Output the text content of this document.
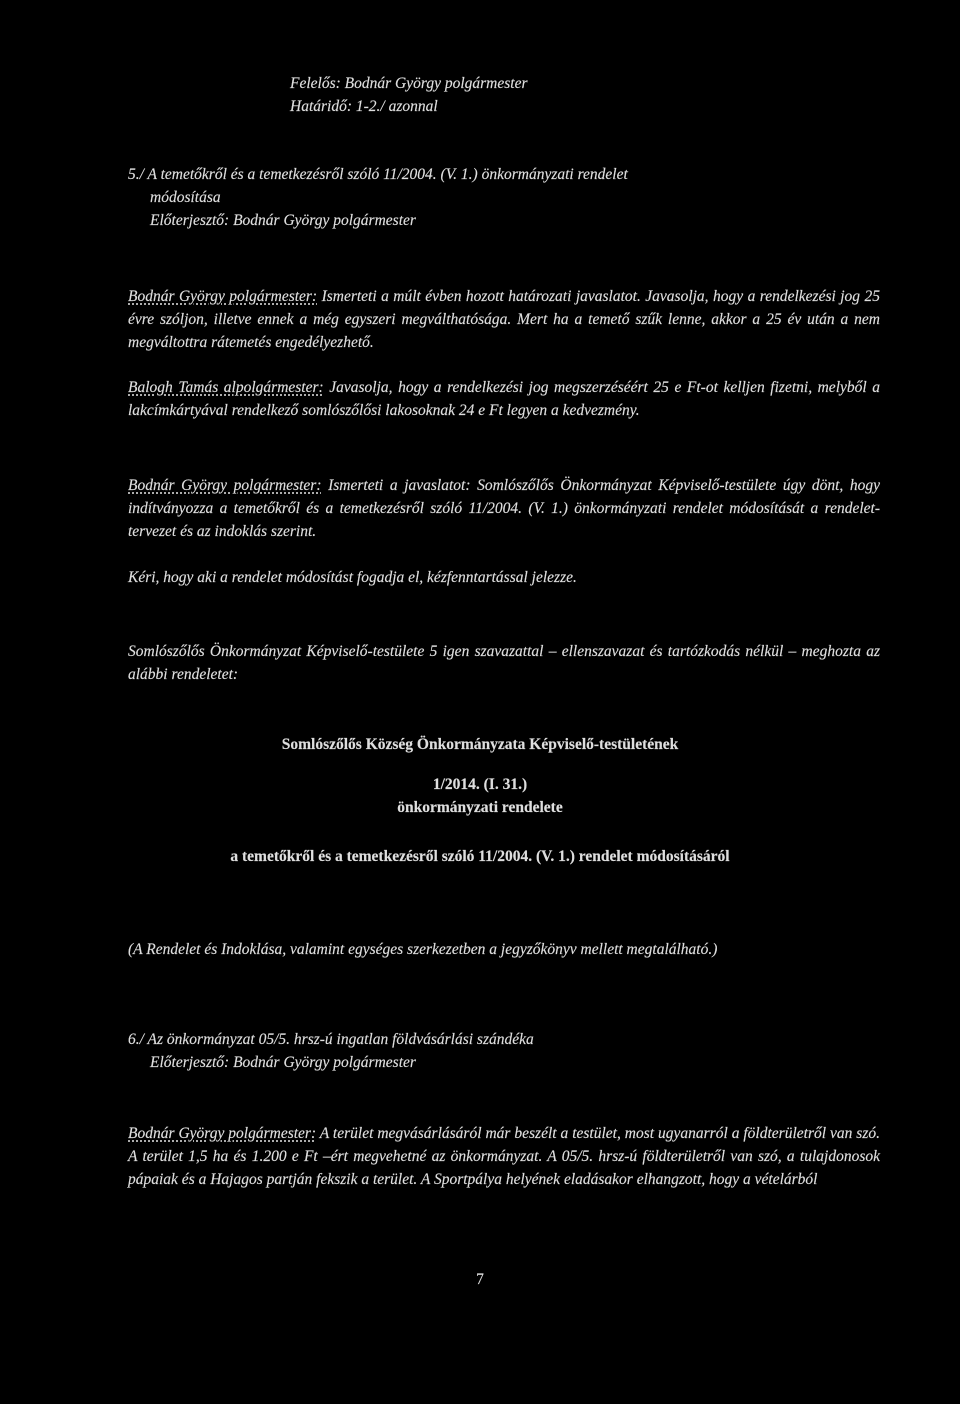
Felelős: Bodnár György polgármester
Határidő: 1-2./ azonnal
5./ A temetőkről és a temetkezésről szóló 11/2004. (V. 1.) önkormányzati rendelet
módosítása
Előterjesztő: Bodnár György polgármester

Bodnár György polgármester: Ismerteti a múlt évben hozott határozati javaslatot. Javasolja, hogy a rendelkezési jog 25 évre szóljon, illetve ennek a még egyszeri megválthatósága. Mert ha a temető szűk lenne, akkor a 25 év után a nem megváltottra rátemetés engedélyezhető.

Balogh Tamás alpolgármester: Javasolja, hogy a rendelkezési jog megszerzéséért 25 e Ft-ot kelljen fizetni, melyből a lakcímkártyával rendelkező somlószőlősi lakosoknak 24 e Ft legyen a kedvezmény.

Bodnár György polgármester: Ismerteti a javaslatot: Somlószőlős Önkormányzat Képviselő-testülete úgy dönt, hogy indítványozza a temetőkről és a temetkezésről szóló 11/2004. (V. 1.) önkormányzati rendelet módosítását a rendelet-tervezet és az indoklás szerint.

Kéri, hogy aki a rendelet módosítást fogadja el, kézfenntartással jelezze.

Somlószőlős Önkormányzat Képviselő-testülete 5 igen szavazattal – ellenszavazat és tartózkodás nélkül – meghozta az alábbi rendeletet:

Somlószőlős Község Önkormányzata Képviselő-testületének
1/2014. (I. 31.)
önkormányzati rendelete
a temetőkről és a temetkezésről szóló 11/2004. (V. 1.) rendelet módosításáról

(A Rendelet és Indoklása, valamint egységes szerkezetben a jegyzőkönyv mellett megtalálható.)

6./ Az önkormányzat 05/5. hrsz-ú ingatlan földvásárlási szándéka
Előterjesztő: Bodnár György polgármester

Bodnár György polgármester: A terület megvásárlásáról már beszélt a testület, most ugyanarról a földterületről van szó. A terület 1,5 ha és 1.200 e Ft –ért megvehetné az önkormányzat. A 05/5. hrsz-ú földterületről van szó, a tulajdonosok pápaiak és a Hajagos partján fekszik a terület. A Sportpálya helyének eladásakor elhangzott, hogy a vételárból

7
